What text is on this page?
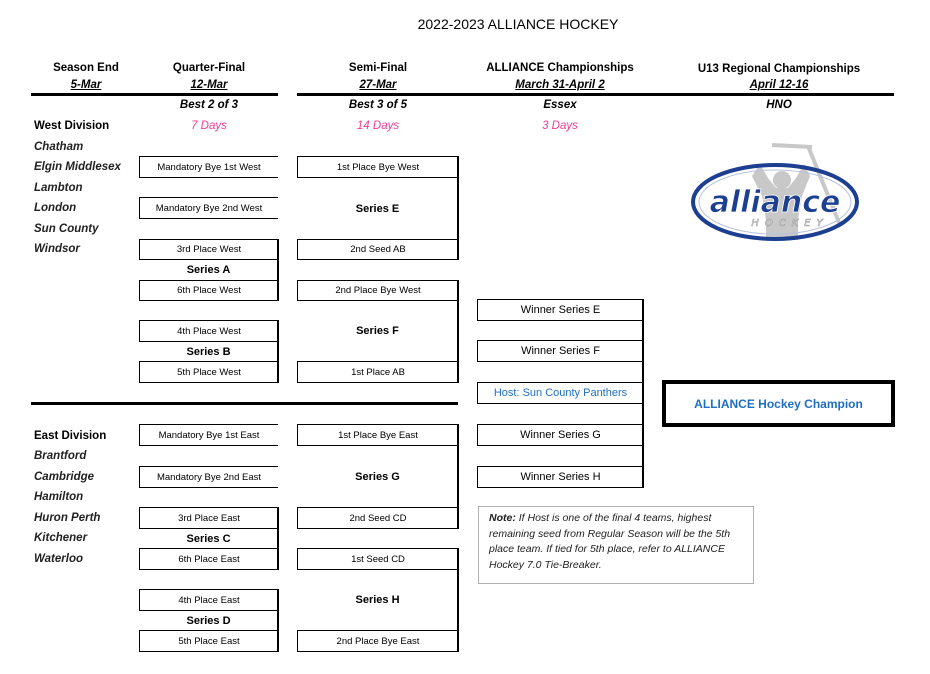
2022-2023 ALLIANCE HOCKEY
Season End
5-Mar
Quarter-Final
12-Mar
Best 2 of 3
7 Days
Semi-Final
27-Mar
Best 3 of 5
14 Days
ALLIANCE Championships
March 31-April 2
Essex
3 Days
U13 Regional Championships
April 12-16
HNO
West Division
Chatham
Elgin Middlesex
Lambton
London
Sun County
Windsor
Mandatory Bye 1st West
Mandatory Bye 2nd West
3rd Place West
Series A
6th Place West
4th Place West
Series B
5th Place West
1st Place Bye West
Series E
2nd Seed AB
2nd Place Bye West
Series F
1st Place AB
East Division
Brantford
Cambridge
Hamilton
Huron Perth
Kitchener
Waterloo
Mandatory Bye 1st East
Mandatory Bye 2nd East
3rd Place East
Series C
6th Place East
4th Place East
Series D
5th Place East
1st Place Bye East
Series G
2nd Seed CD
1st Seed CD
Series H
2nd Place Bye East
Winner Series E
Winner Series F
Host: Sun County Panthers
Winner Series G
Winner Series H
ALLIANCE Hockey Champion
Note: If Host is one of the final 4 teams, highest remaining seed from Regular Season will be the 5th place team. If tied for 5th place, refer to ALLIANCE Hockey 7.0 Tie-Breaker.
alliance
HOCKEY
